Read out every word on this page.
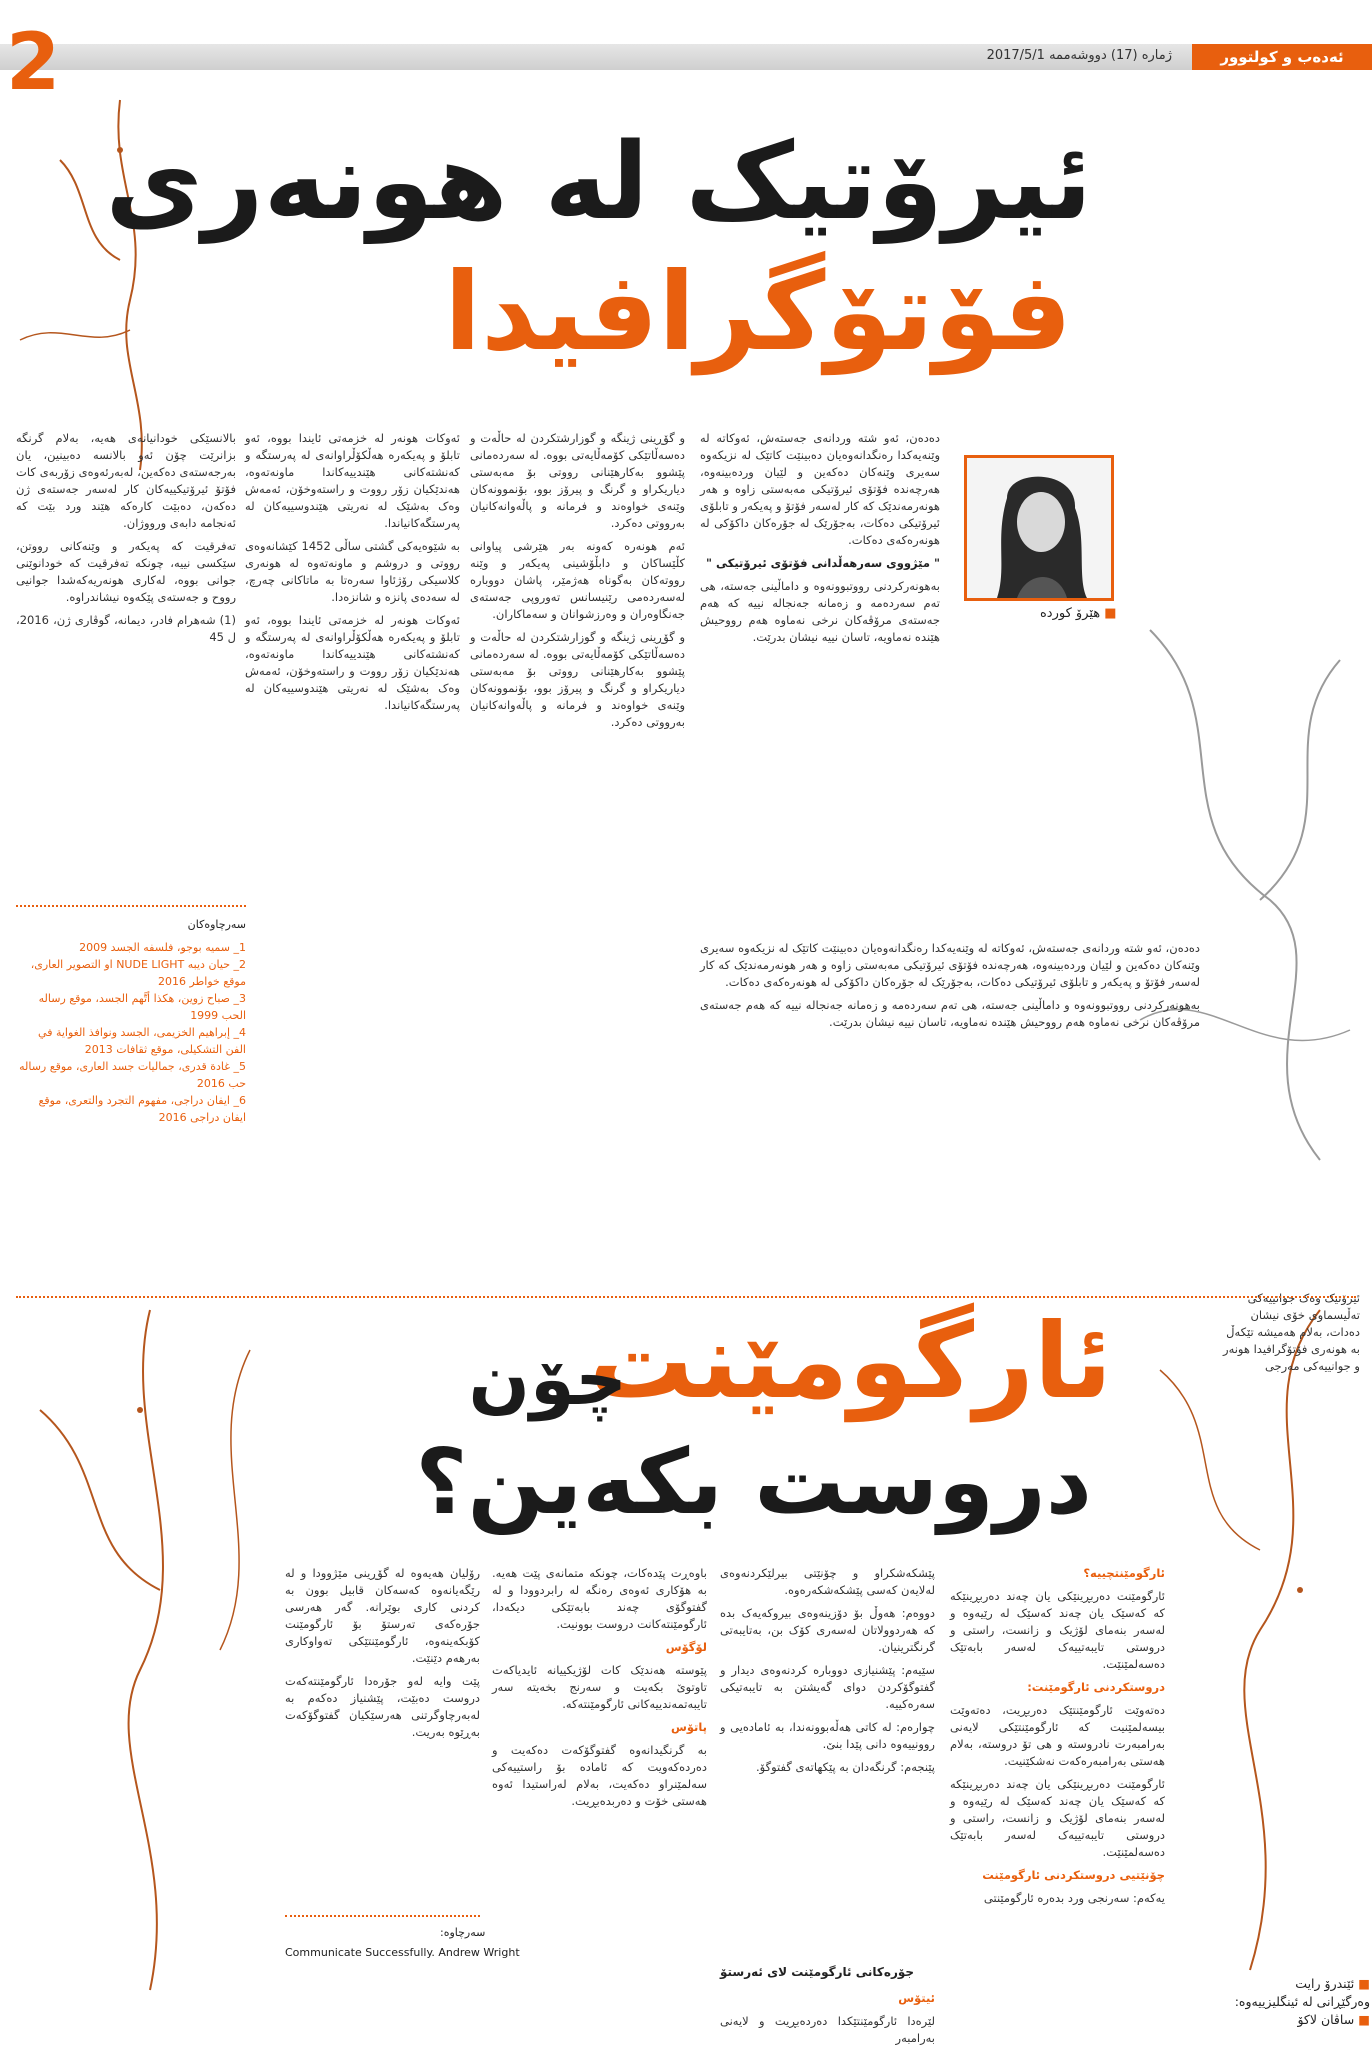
ئەدەب و کولتوور
ژمارە (17) دووشەممە 2017/5/1
2
ئیرۆتیک لە هونەری
فۆتۆگرافیدا
■ هێرۆ کوردە

دەدەن، ئەو شتە وردانەی جەستەش، ئەوکاتە لە وێنەیەکدا رەنگدانەوەیان دەبینێت کاتێک لە نزیکەوە سەیری وێنەکان دەکەین و لێیان وردەبینەوە، هەرچەندە فۆتۆی ئیرۆتیکی مەبەستی زاوە و هەر هونەرمەندێک کە کار لەسەر فۆتۆ و پەیکەر و تابلۆی ئیرۆتیکی دەکات، بەجۆرێک لە جۆرەکان داکۆکی لە هونەرەکەی دەکات.

" مێژووی سەرهەڵدانی فۆتۆی ئیرۆتیکی "

بەهونەرکردنی رووتبوونەوە و داماڵینی جەستە، هی تەم سەردەمە و زەمانە جەنجالە نییە کە هەم جەستەی مرۆڤەکان نرخی نەماوە هەم رووحیش هێندە نەماویە، تاسان نییە نیشان بدرێت.

دەدەن، ئەو شتە وردانەی جەستەش، ئەوکاتە لە وێنەیەکدا رەنگدانەوەیان دەبینێت کاتێک لە نزیکەوە سەیری وێنەکان دەکەین و لێیان وردەبینەوە، هەرچەندە فۆتۆی ئیرۆتیکی مەبەستی زاوە و هەر هونەرمەندێک کە کار لەسەر فۆتۆ و پەیکەر و تابلۆی ئیرۆتیکی دەکات، بەجۆرێک لە جۆرەکان داکۆکی لە هونەرەکەی دەکات.

بەهونەرکردنی رووتبوونەوە و داماڵینی جەستە، هی تەم سەردەمە و زەمانە جەنجالە نییە کە هەم جەستەی مرۆڤەکان نرخی نەماوە هەم رووحیش هێندە نەماویە، تاسان نییە نیشان بدرێت.

و گۆڕینی ژینگە و گوزارشتکردن لە حاڵەت و دەسەڵاتێکی کۆمەڵایەتی بووە. لە سەردەمانی پێشوو بەکارهێنانی رووتی بۆ مەبەستی دیاریکراو و گرنگ و پیرۆز بوو، بۆنموونەکان وێنەی خواوەند و فرمانە و پاڵەوانەکانیان بەرووتی دەکرد.

ئەم هونەرە کەونە بەر هێرشی پیاوانی کڵێساکان و دابڵۆشینی پەیکەر و وێنە رووتەکان بەگوناه هەژمێر، پاشان دووبارە لەسەردەمی رێنیسانس تەوروپی جەستەی جەنگاوەران و وەرزشوانان و سەماکاران.

و گۆڕینی ژینگە و گوزارشتکردن لە حاڵەت و دەسەڵاتێکی کۆمەڵایەتی بووە. لە سەردەمانی پێشوو بەکارهێنانی رووتی بۆ مەبەستی دیاریکراو و گرنگ و پیرۆز بوو، بۆنموونەکان وێنەی خواوەند و فرمانە و پاڵەوانەکانیان بەرووتی دەکرد.

ئەوکات هونەر لە خزمەتی ئایندا بووە، ئەو تابلۆ و پەیکەرە هەڵکۆڵراوانەی لە پەرستگە و کەنشتەکانی هێندییەکاندا ماونەتەوە، هەندێکیان زۆر رووت و راستەوخۆن، ئەمەش وەک بەشێک لە نەریتی هێندوسییەکان لە پەرستگەکانیاندا.

بە شێوەیەکی گشتی ساڵی 1452 کێشانەوەی رووتی و دروشم و ماونەتەوە لە هونەری کلاسیکی رۆژئاوا سەرەتا بە ماتاکانی چەرچ، لە سەدەی پانزە و شانزەدا.

ئەوکات هونەر لە خزمەتی ئایندا بووە، ئەو تابلۆ و پەیکەرە هەڵکۆڵراوانەی لە پەرستگە و کەنشتەکانی هێندییەکاندا ماونەتەوە، هەندێکیان زۆر رووت و راستەوخۆن، ئەمەش وەک بەشێک لە نەریتی هێندوسییەکان لە پەرستگەکانیاندا.

بالانسێکی خودانیانەی هەیە، بەلام گرنگە بزانرێت چۆن ئەو بالانسە دەبینین، یان بەرجەستەی دەکەین، لەبەرئەوەی زۆربەی کات فۆتۆ ئیرۆتیکییەکان کار لەسەر جەستەی ژن دەکەن، دەبێت کارەکە هێند ورد بێت کە ئەنجامە دابەی ورووژان.

تەفرقیت کە پەیکەر و وێنەکانی رووتن، سێکسی نییە، چونکە تەفرقیت کە خودانوێنی جوانی بووە، لەکاری هونەریەکەشدا جوانیی رووح و جەستەی پێکەوە نیشاندراوە.

(1) شەهرام فادر، دیمانە، گوڤاری ژن، 2016، ل 45

ئیرۆتیک وەک جوانییەکی تەڵیسماوی خۆی نیشان دەدات، بەلام هەمیشە تێکەڵ بە هونەری فۆتۆگرافیدا هونەر و جوانییەکی مەرجی
سەرچاوەکان
1_ سمیە بوجو، فلسفە الجسد 2009
2_ حیان دیبە NUDE LIGHT او التصویر العاری، موقع خواطر 2016
3_ صباح زوین، هکذا أتَّهم الجسد، موقع رسالە الحب 1999
4_ إبراهیم الخزیمی، الجسد ونوافذ الغوایة في الفن التشکیلی، موقع ثقافات 2013
5_ غادة قدری، جمالیات جسد العاری، موقع رسالە حب 2016
6_ ایفان دراجی، مفهوم التجرد والتعری، موقع ایفان دراجی 2016
ئارگومێنت
چۆن
دروست بکەین؟

ئارگومێنتچییە؟

ئارگومێنت دەربڕینێکی یان چەند دەربڕینێکە کە کەسێک یان چەند کەسێک لە رێیەوە و لەسەر بنەمای لۆژیک و زانست، راستی و دروستی تایبەتییەک لەسەر بابەتێک دەسەلمێنێت.

دروستکردنی ئارگومێنت:

دەتەوێت ئارگومێنتێک دەربڕیت، دەتەوێت بیسەلمێنیت کە ئارگومێنتێکی لایەنی بەرامبەرت نادروستە و هی تۆ دروستە، بەلام هەستی بەرامبەرەکەت نەشکێنیت.

ئارگومێنت دەربڕینێکی یان چەند دەربڕینێکە کە کەسێک یان چەند کەسێک لە رێیەوە و لەسەر بنەمای لۆژیک و زانست، راستی و دروستی تایبەتییەک لەسەر بابەتێک دەسەلمێنێت.

چۆنێتیی دروستکردنی ئارگومێنت

یەکەم: سەرنجی ورد بدەرە ئارگومێنتی

پێشکەشکراو و چۆنێتی بیرلێکردنەوەی لەلایەن کەسی پێشکەشکەرەوە.

دووەم: هەوڵ بۆ دۆزینەوەی بیروکەیەک بدە کە هەردوولاتان لەسەری کۆک بن، بەتایبەتی گرنگترینیان.

سێیەم: پێشنیازی دووبارە کردنەوەی دیدار و گفتوگۆکردن دوای گەیشتن بە تایبەتیکی سەرەکییە.

چوارەم: لە کاتی هەڵەبوونەندا، بە ئامادەیی و روونییەوە دانی پێدا بنێ.

پێنجەم: گرنگەدان بە پێکهاتەی گفتوگۆ.

جۆرەکانی ئارگومێنت لای ئەرستۆ

ئیتۆس

لێرەدا ئارگومێنتێکدا دەردەبڕیت و لایەنی بەرامبەر

باوەڕت پێدەکات، چونکە متمانەی پێت هەیە. بە هۆکاری ئەوەی رەنگە لە رابردوودا و لە گفتوگۆی چەند بابەتێکی دیکەدا، ئارگومێنتەکانت دروست بوونیت.

لۆگۆس

پێوستە هەندێک کات لۆژیکییانە ئایدیاکەت تاوتوێ بکەیت و سەرنج بخەیتە سەر تایبەتمەندییەکانی ئارگومێنتەکە.

پاتۆس

بە گرنگیدانەوە گفتوگۆکەت دەکەیت و دەردەکەویت کە ئامادە بۆ راستییەکی سەلمێنراو دەکەیت، بەلام لەراستیدا ئەوە هەستی خۆت و دەربدەبڕیت.

رۆلیان هەیەوە لە گۆڕینی مێژوودا و لە رێگەیانەوە کەسەکان قابیل بوون بە کردنی کاری بوێرانە. گەر هەرسی جۆرەکەی تەرستۆ بۆ ئارگومێنت کۆبکەینەوە، ئارگومێنتێکی تەواوکاری بەرهەم دێنێت.

پێت وایە لەو جۆرەدا ئارگومێنتەکەت دروست دەبێت، پێشنیاز دەکەم بە لەبەرچاوگرتنی هەرسێکیان گفتوگۆکەت بەڕێوە بەریت.

سەرچاوە:
Communicate Successfully. Andrew Wright
■ ئێندرۆ رایت
وەرگێڕانی لە ئینگلیزییەوە:
■ ساڤان لاکۆ
